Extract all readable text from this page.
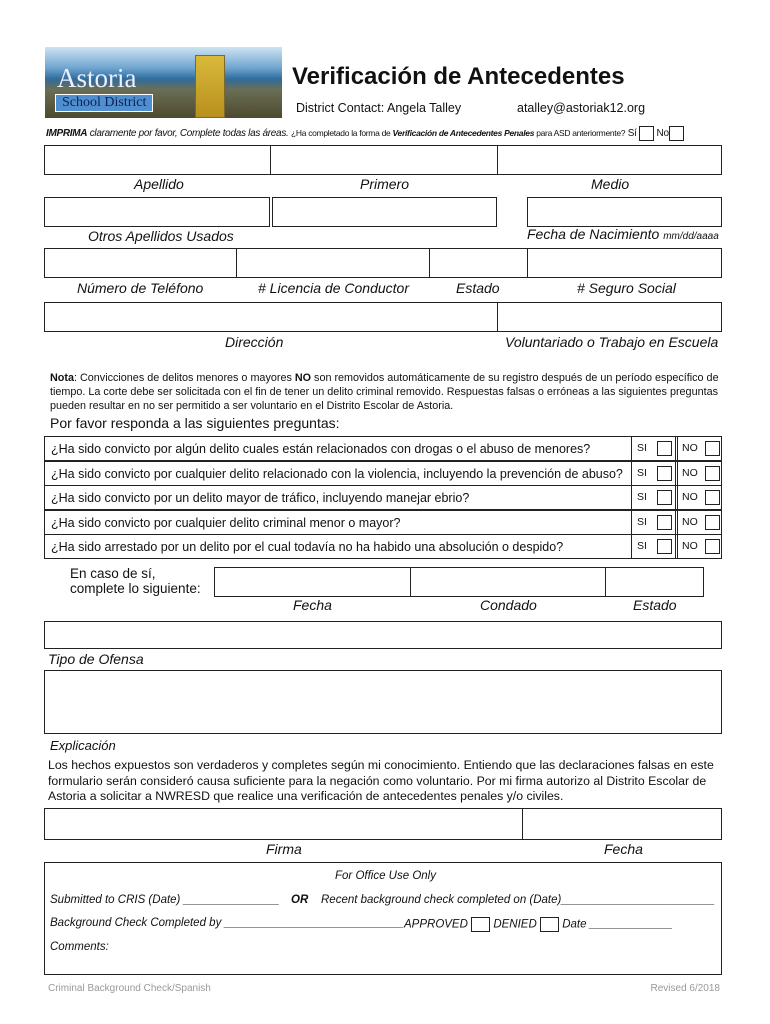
Astoria
School District
Verificación de Antecedentes
District Contact: Angela Talley	atalley@astoriak12.org
IMPRIMA claramente por favor, Complete todas las áreas. ¿Ha completado la forma de Verificación de Antecedentes Penales para ASD anteriormente? Sí No
Apellido	Primero	Medio
Otros Apellidos Usados	Fecha de Nacimiento mm/dd/aaaa
Número de Teléfono	# Licencia de Conductor	Estado	# Seguro Social
Dirección	Voluntariado o Trabajo en Escuela
Nota: Convicciones de delitos menores o mayores NO son removidos automáticamente de su registro después de un período específico de tiempo. La corte debe ser solicitada con el fin de tener un delito criminal removido. Respuestas falsas o erróneas a las siguientes preguntas pueden resultar en no ser permitido a ser voluntario en el Distrito Escolar de Astoria.
Por favor responda a las siguientes preguntas:
¿Ha sido convicto por algún delito cuales están relacionados con drogas o el abuso de menores?	SI	NO
¿Ha sido convicto por cualquier delito relacionado con la violencia, incluyendo la prevención de abuso?	SI	NO
¿Ha sido convicto por un delito mayor de tráfico, incluyendo manejar ebrio?	SI	NO
¿Ha sido convicto por cualquier delito criminal menor o mayor?	SI	NO
¿Ha sido arrestado por un delito por el cual todavía no ha habido una absolución o despido?	SI	NO
En caso de sí,
complete lo siguiente:
Fecha	Condado	Estado
Tipo de Ofensa
Explicación
Los hechos expuestos son verdaderos y completes según mi conocimiento. Entiendo que las declaraciones falsas en este formulario serán consideró causa suficiente para la negación como voluntario. Por mi firma autorizo al Distrito Escolar de Astoria a solicitar a NWRESD que realice una verificación de antecedentes penales y/o civiles.
Firma	Fecha
For Office Use Only
Submitted to CRIS (Date) _______________ OR Recent background check completed on (Date)________________________
Background Check Completed by ____________________________ APPROVED DENIED Date _____________
Comments:
Criminal Background Check/Spanish	Revised 6/2018
